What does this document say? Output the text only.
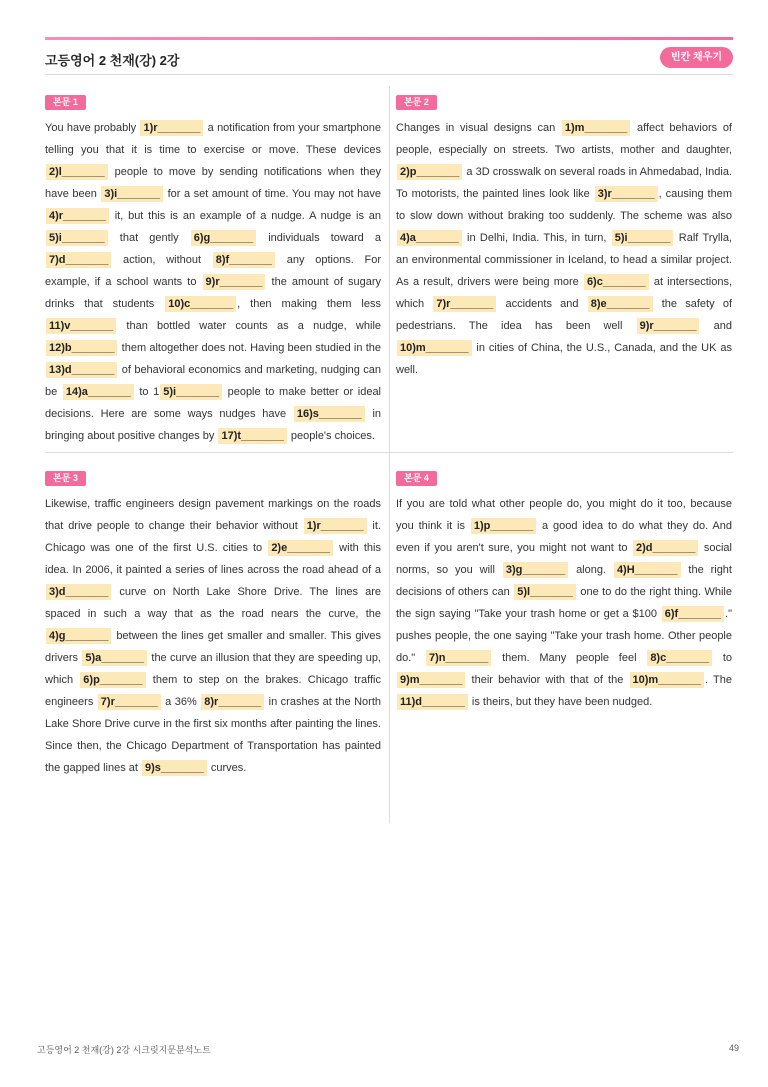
고등영어 2 천재(강) 2강	빈칸 채우기
본문 1

You have probably 1)r_______ a notification from your smartphone telling you that it is time to exercise or move. These devices 2)l_______ people to move by sending notifications when they have been 3)i_______ for a set amount of time. You may not have 4)r_______ it, but this is an example of a nudge. A nudge is an 5)i_______ that gently 6)g_______ individuals toward a 7)d_______ action, without 8)f_______ any options. For example, if a school wants to 9)r_______ the amount of sugary drinks that students 10)c_______ , then making them less 11)v_______ than bottled water counts as a nudge, while 12)b_______ them altogether does not. Having been studied in the 13)d_______ of behavioral economics and marketing, nudging can be 14)a_______ to 1 5)i_______ people to make better or ideal decisions. Here are some ways nudges have 16)s_______ in bringing about positive changes by 17)t_______ people's choices.

본문 2

Changes in visual designs can 1)m_______ affect behaviors of people, especially on streets. Two artists, mother and daughter, 2)p_______ a 3D crosswalk on several roads in Ahmedabad, India. To motorists, the painted lines look like 3)r_______ , causing them to slow down without braking too suddenly. The scheme was also 4)a_______ in Delhi, India. This, in turn, 5)i_______ Ralf Trylla, an environmental commissioner in Iceland, to head a similar project. As a result, drivers were being more 6)c_______ at intersections, which 7)r_______ accidents and 8)e_______ the safety of pedestrians. The idea has been well 9)r_______ and 10)m_______ in cities of China, the U.S., Canada, and the UK as well.

본문 3

Likewise, traffic engineers design pavement markings on the roads that drive people to change their behavior without 1)r_______ it. Chicago was one of the first U.S. cities to 2)e_______ with this idea. In 2006, it painted a series of lines across the road ahead of a 3)d_______ curve on North Lake Shore Drive. The lines are spaced in such a way that as the road nears the curve, the 4)g_______ between the lines get smaller and smaller. This gives drivers 5)a_______ the curve an illusion that they are speeding up, which 6)p_______ them to step on the brakes. Chicago traffic engineers 7)r_______ a 36% 8)r_______ in crashes at the North Lake Shore Drive curve in the first six months after painting the lines. Since then, the Chicago Department of Transportation has painted the gapped lines at 9)s_______ curves.

본문 4

If you are told what other people do, you might do it too, because you think it is 1)p_______ a good idea to do what they do. And even if you aren't sure, you might not want to 2)d_______ social norms, so you will 3)g_______ along. 4)H_______ the right decisions of others can 5)l_______ one to do the right thing. While the sign saying "Take your trash home or get a $100 6)f_______ ." pushes people, the one saying "Take your trash home. Other people do." 7)n_______ them. Many people feel 8)c_______ to 9)m_______ their behavior with that of the 10)m_______ . The 11)d_______ is theirs, but they have been nudged.

고등영어 2 천재(강) 2강 시크릿지문분석노트	49
